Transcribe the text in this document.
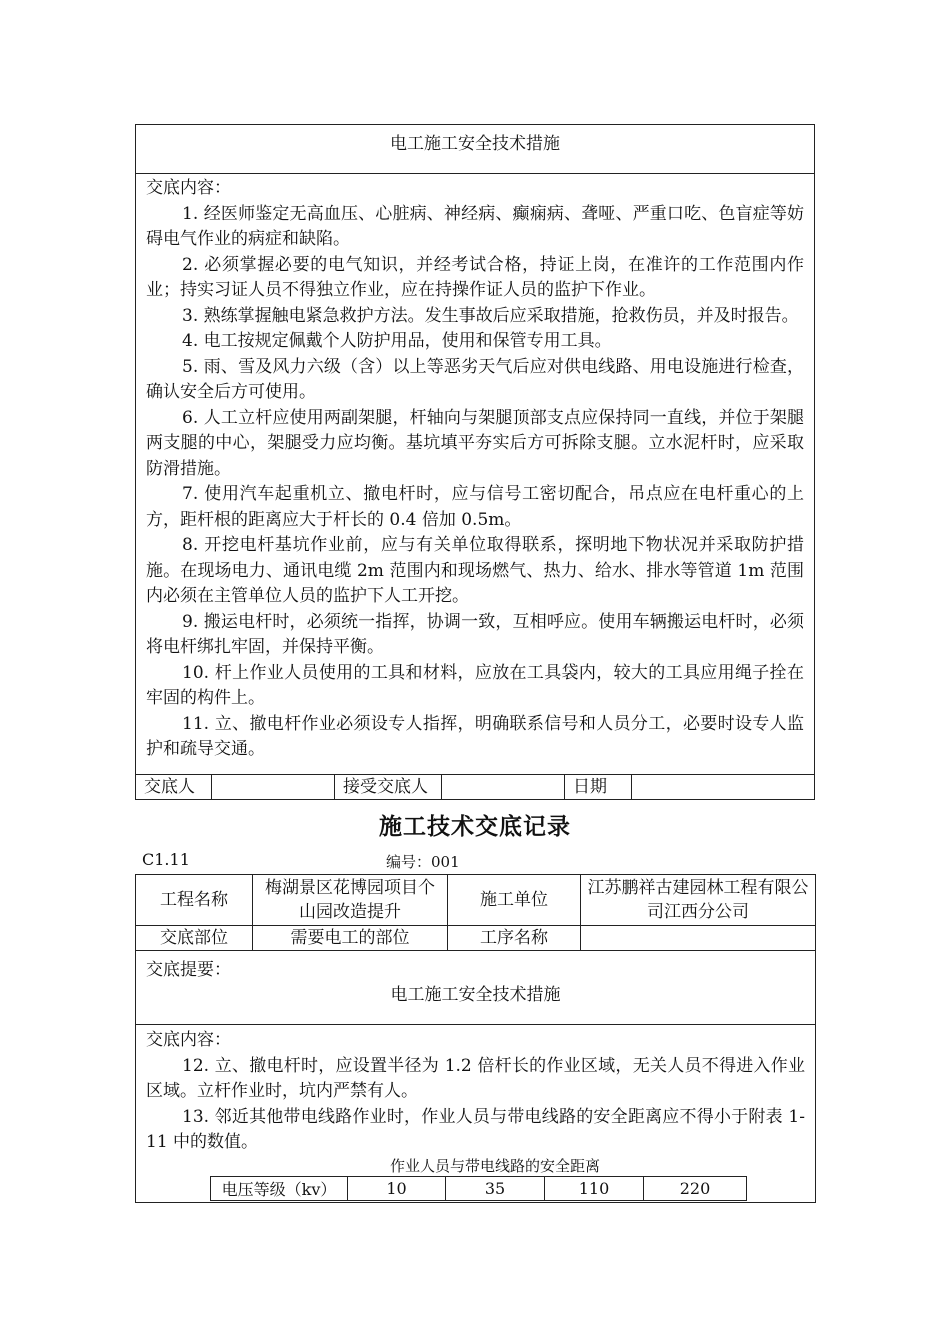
电工施工安全技术措施

交底内容：

1. 经医师鉴定无高血压、心脏病、神经病、癫痫病、聋哑、严重口吃、色盲症等妨碍电气作业的病症和缺陷。

2. 必须掌握必要的电气知识，并经考试合格，持证上岗，在准许的工作范围内作业；持实习证人员不得独立作业，应在持操作证人员的监护下作业。

3. 熟练掌握触电紧急救护方法。发生事故后应采取措施，抢救伤员，并及时报告。

4. 电工按规定佩戴个人防护用品，使用和保管专用工具。

5. 雨、雪及风力六级（含）以上等恶劣天气后应对供电线路、用电设施进行检查，确认安全后方可使用。

6. 人工立杆应使用两副架腿，杆轴向与架腿顶部支点应保持同一直线，并位于架腿两支腿的中心，架腿受力应均衡。基坑填平夯实后方可拆除支腿。立水泥杆时，应采取防滑措施。

7. 使用汽车起重机立、撤电杆时，应与信号工密切配合，吊点应在电杆重心的上方，距杆根的距离应大于杆长的 0.4 倍加 0.5m。

8. 开挖电杆基坑作业前，应与有关单位取得联系，探明地下物状况并采取防护措施。在现场电力、通讯电缆 2m 范围内和现场燃气、热力、给水、排水等管道 1m 范围内必须在主管单位人员的监护下人工开挖。

9. 搬运电杆时，必须统一指挥，协调一致，互相呼应。使用车辆搬运电杆时，必须将电杆绑扎牢固，并保持平衡。

10. 杆上作业人员使用的工具和材料，应放在工具袋内，较大的工具应用绳子拴在牢固的构件上。

11. 立、撤电杆作业必须设专人指挥，明确联系信号和人员分工，必要时设专人监护和疏导交通。

交底人	接受交底人	日期
施工技术交底记录
C1.11	编号：001
工程名称	梅湖景区花博园项目个山园改造提升	施工单位	江苏鹏祥古建园林工程有限公司江西分公司
交底部位	需要电工的部位	工序名称	
交底提要：
电工施工安全技术措施

交底内容：

12. 立、撤电杆时，应设置半径为 1.2 倍杆长的作业区域，无关人员不得进入作业区域。立杆作业时，坑内严禁有人。

13. 邻近其他带电线路作业时，作业人员与带电线路的安全距离应不得小于附表 1-11 中的数值。

作业人员与带电线路的安全距离
电压等级（kv）	10	35	110	220
